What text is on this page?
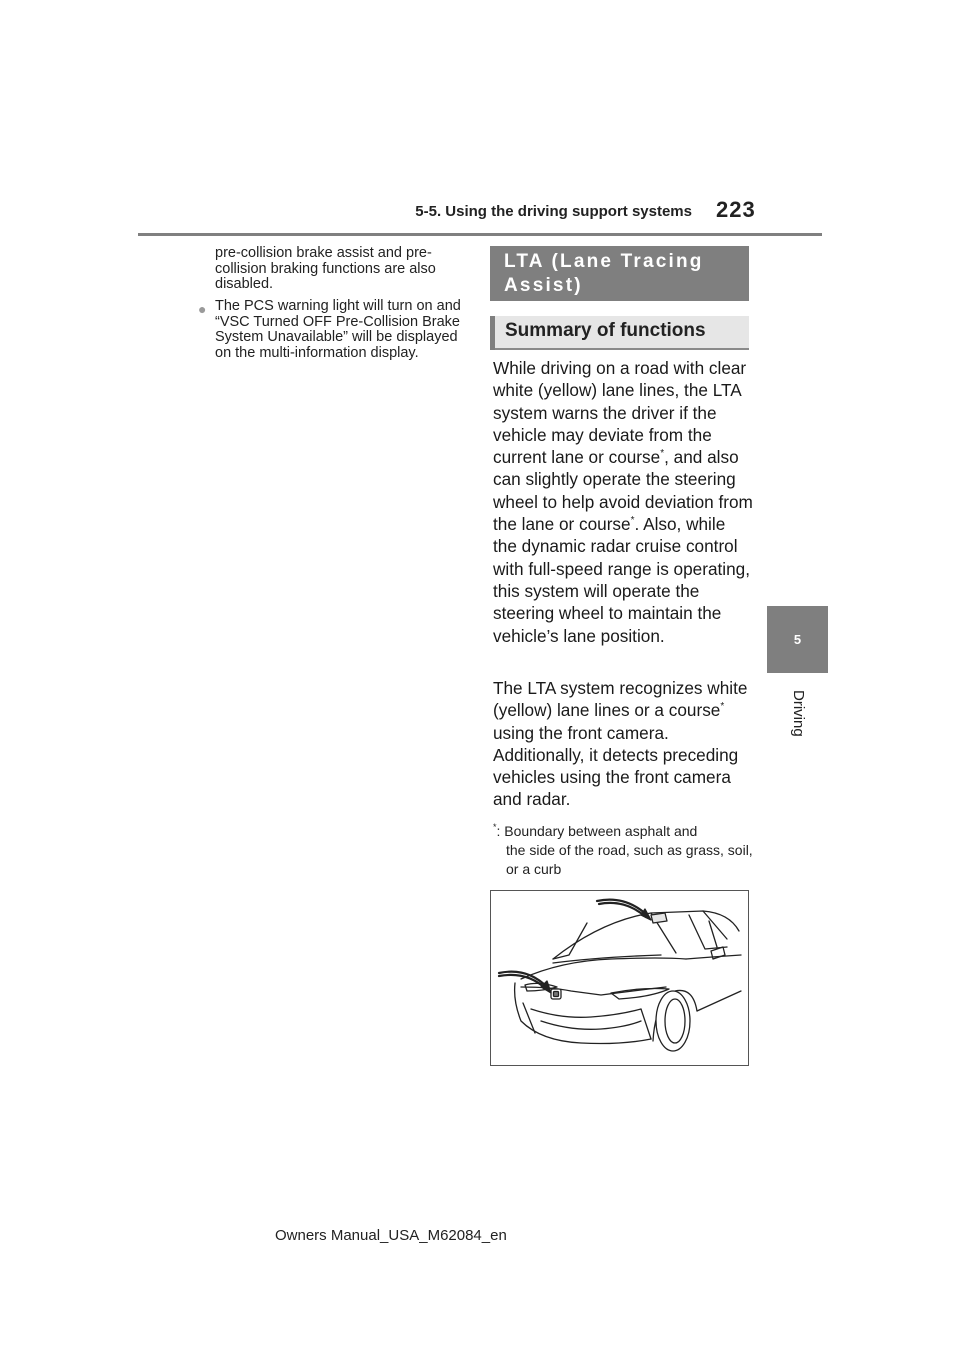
5-5. Using the driving support systems 223
5
Driving
pre-collision brake assist and pre-collision braking functions are also disabled.
● The PCS warning light will turn on and “VSC Turned OFF Pre-Collision Brake System Unavailable” will be displayed on the multi-information display.
LTA (Lane Tracing Assist)
Summary of functions
While driving on a road with clear white (yellow) lane lines, the LTA system warns the driver if the vehicle may deviate from the current lane or course*, and also can slightly operate the steering wheel to help avoid deviation from the lane or course*. Also, while the dynamic radar cruise control with full-speed range is operating, this system will operate the steering wheel to maintain the vehicle’s lane position.
The LTA system recognizes white (yellow) lane lines or a course* using the front camera. Additionally, it detects preceding vehicles using the front camera and radar.
*: Boundary between asphalt and
the side of the road, such as grass, soil, or a curb
Owners Manual_USA_M62084_en
